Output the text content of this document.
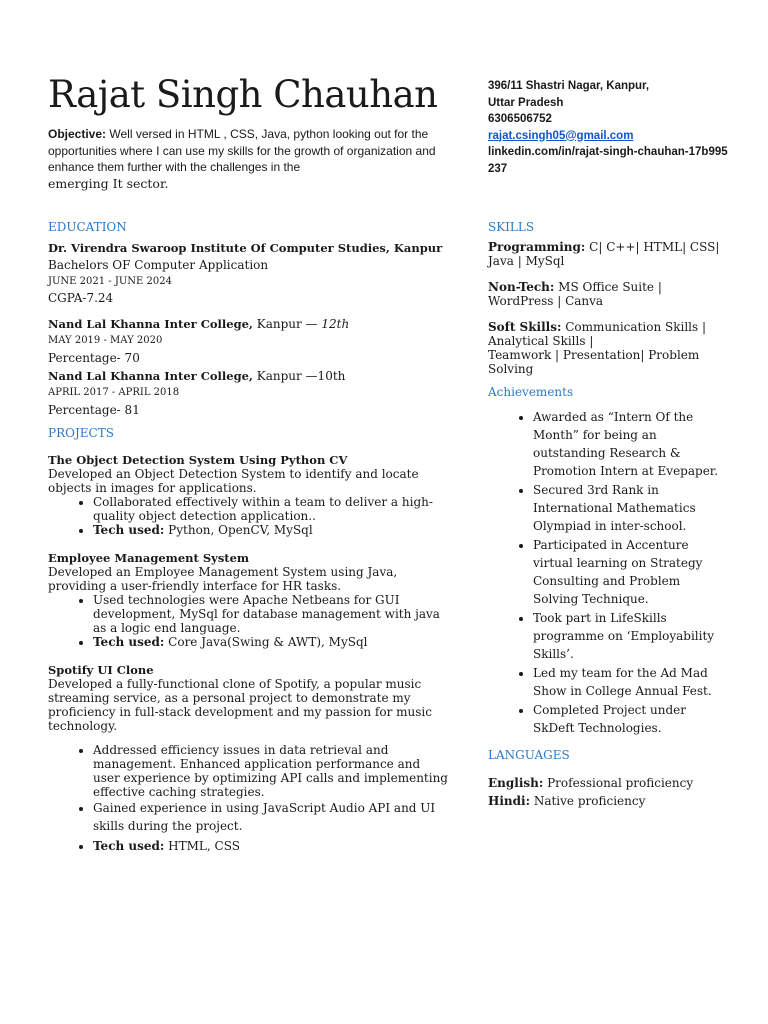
Rajat Singh Chauhan
Objective: Well versed in HTML , CSS, Java, python looking out for the opportunities where I can use my skills for the growth of organization and enhance them further with the challenges in the
emerging It sector.
396/11 Shastri Nagar, Kanpur,
Uttar Pradesh
6306506752
rajat.csingh05@gmail.com
linkedin.com/in/rajat-singh-chauhan-17b995237
EDUCATION
Dr. Virendra Swaroop Institute Of Computer Studies, Kanpur
Bachelors OF Computer Application
JUNE 2021 - JUNE 2024
CGPA-7.24
Nand Lal Khanna Inter College, Kanpur — 12th
MAY 2019 - MAY 2020
Percentage- 70
Nand Lal Khanna Inter College, Kanpur —10th
APRIL 2017 - APRIL 2018
Percentage- 81
PROJECTS
The Object Detection System Using Python CV
Developed an Object Detection System to identify and locate objects in images for applications.
• Collaborated effectively within a team to deliver a high-quality object detection application..
• Tech used: Python, OpenCV, MySql
Employee Management System
Developed an Employee Management System using Java, providing a user-friendly interface for HR tasks.
• Used technologies were Apache Netbeans for GUI development, MySql for database management with java as a logic end language.
• Tech used: Core Java(Swing & AWT), MySql
Spotify UI Clone
Developed a fully-functional clone of Spotify, a popular music streaming service, as a personal project to demonstrate my proficiency in full-stack development and my passion for music technology.
• Addressed efficiency issues in data retrieval and management. Enhanced application performance and user experience by optimizing API calls and implementing effective caching strategies.
• Gained experience in using JavaScript Audio API and UI skills during the project.
• Tech used: HTML, CSS
SKILLS
Programming: C| C++| HTML| CSS| Java | MySql
Non-Tech: MS Office Suite | WordPress | Canva
Soft Skills: Communication Skills | Analytical Skills |
Teamwork | Presentation| Problem Solving
Achievements
• Awarded as “Intern Of the Month” for being an outstanding Research & Promotion Intern at Evepaper.
• Secured 3rd Rank in International Mathematics Olympiad in inter-school.
• Participated in Accenture virtual learning on Strategy Consulting and Problem Solving Technique.
• Took part in LifeSkills programme on ‘Employability Skills’.
• Led my team for the Ad Mad Show in College Annual Fest.
• Completed Project under SkDeft Technologies.
LANGUAGES
English: Professional proficiency
Hindi: Native proficiency
